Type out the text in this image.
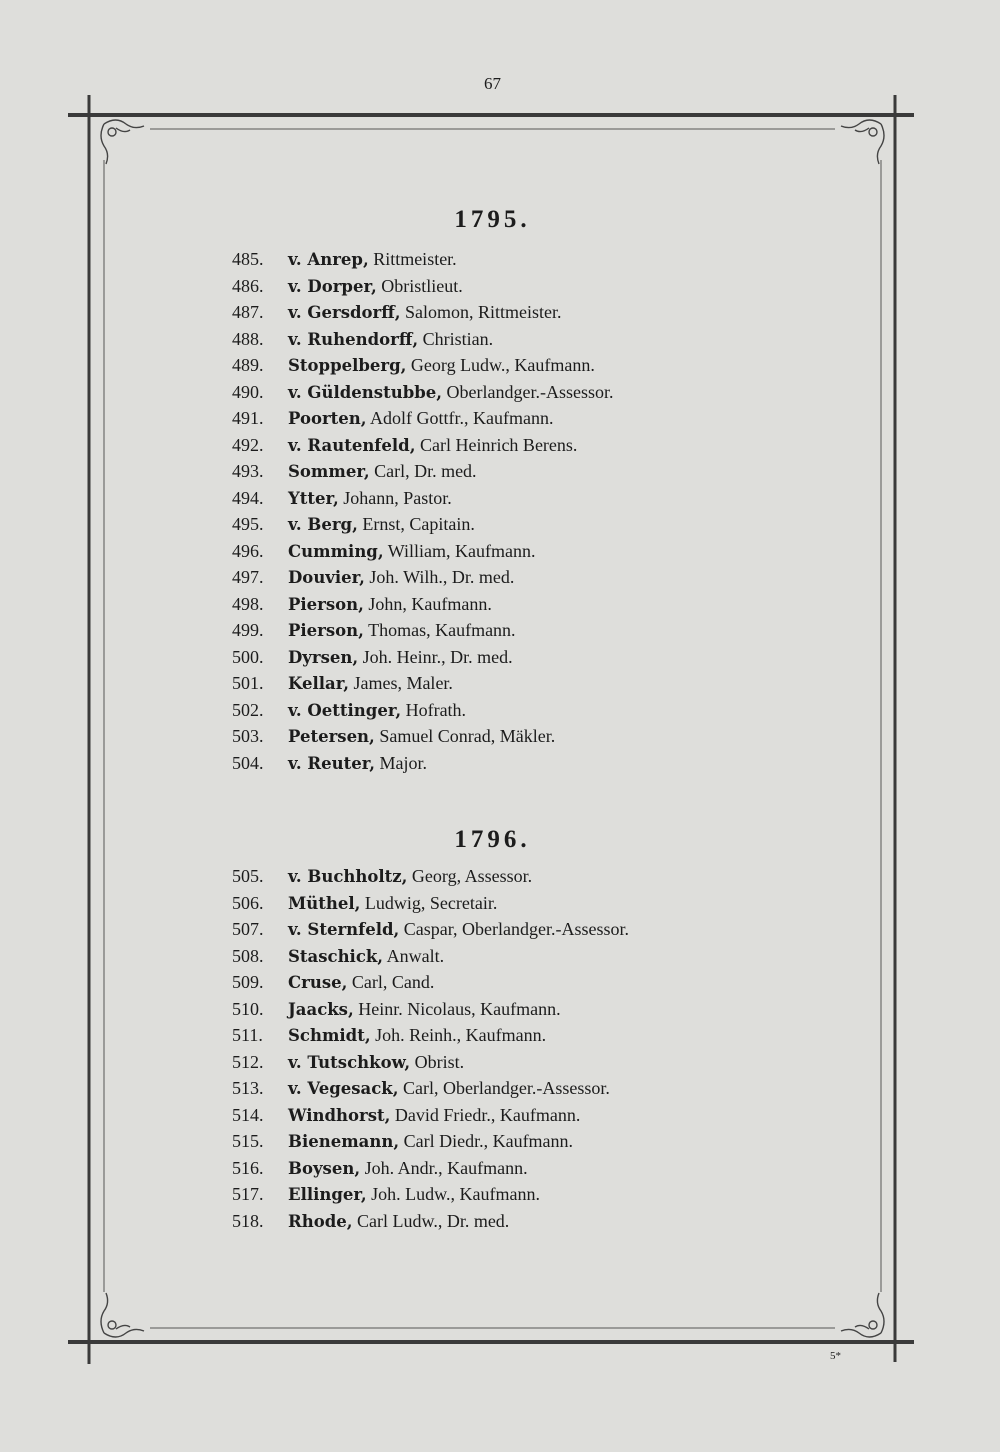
67
1795.
485. v. Anrep, Rittmeister.
486. v. Dorper, Obristlieut.
487. v. Gersdorff, Salomon, Rittmeister.
488. v. Ruhendorff, Christian.
489. Stoppelberg, Georg Ludw., Kaufmann.
490. v. Güldenstubbe, Oberlandger.-Assessor.
491. Poorten, Adolf Gottfr., Kaufmann.
492. v. Rautenfeld, Carl Heinrich Berens.
493. Sommer, Carl, Dr. med.
494. Ytter, Johann, Pastor.
495. v. Berg, Ernst, Capitain.
496. Cumming, William, Kaufmann.
497. Douvier, Joh. Wilh., Dr. med.
498. Pierson, John, Kaufmann.
499. Pierson, Thomas, Kaufmann.
500. Dyrsen, Joh. Heinr., Dr. med.
501. Kellar, James, Maler.
502. v. Oettinger, Hofrath.
503. Petersen, Samuel Conrad, Mäkler.
504. v. Reuter, Major.
1796.
505. v. Buchholtz, Georg, Assessor.
506. Müthel, Ludwig, Secretair.
507. v. Sternfeld, Caspar, Oberlandger.-Assessor.
508. Staschick, Anwalt.
509. Cruse, Carl, Cand.
510. Jaacks, Heinr. Nicolaus, Kaufmann.
511. Schmidt, Joh. Reinh., Kaufmann.
512. v. Tutschkow, Obrist.
513. v. Vegesack, Carl, Oberlandger.-Assessor.
514. Windhorst, David Friedr., Kaufmann.
515. Bienemann, Carl Diedr., Kaufmann.
516. Boysen, Joh. Andr., Kaufmann.
517. Ellinger, Joh. Ludw., Kaufmann.
518. Rhode, Carl Ludw., Dr. med.
5*
